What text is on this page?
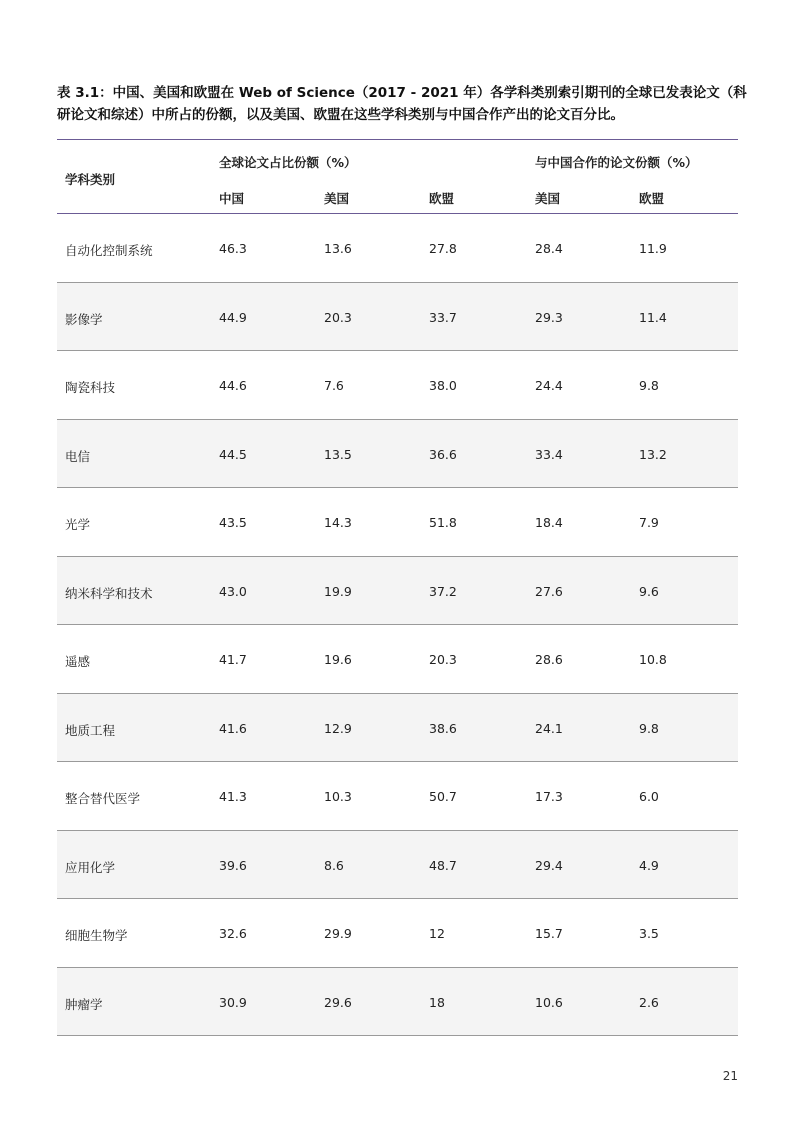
表 3.1：中国、美国和欧盟在 Web of Science（2017 - 2021 年）各学科类别索引期刊的全球已发表论文（科研论文和综述）中所占的份额，以及美国、欧盟在这些学科类别与中国合作产出的论文百分比。
学科类别
全球论文占比份额（%）	与中国合作的论文份额（%）
中国	美国	欧盟	美国	欧盟
自动化控制系统	46.3	13.6	27.8	28.4	11.9
影像学	44.9	20.3	33.7	29.3	11.4
陶瓷科技	44.6	7.6	38.0	24.4	9.8
电信	44.5	13.5	36.6	33.4	13.2
光学	43.5	14.3	51.8	18.4	7.9
纳米科学和技术	43.0	19.9	37.2	27.6	9.6
遥感	41.7	19.6	20.3	28.6	10.8
地质工程	41.6	12.9	38.6	24.1	9.8
整合替代医学	41.3	10.3	50.7	17.3	6.0
应用化学	39.6	8.6	48.7	29.4	4.9
细胞生物学	32.6	29.9	12	15.7	3.5
肿瘤学	30.9	29.6	18	10.6	2.6
21
